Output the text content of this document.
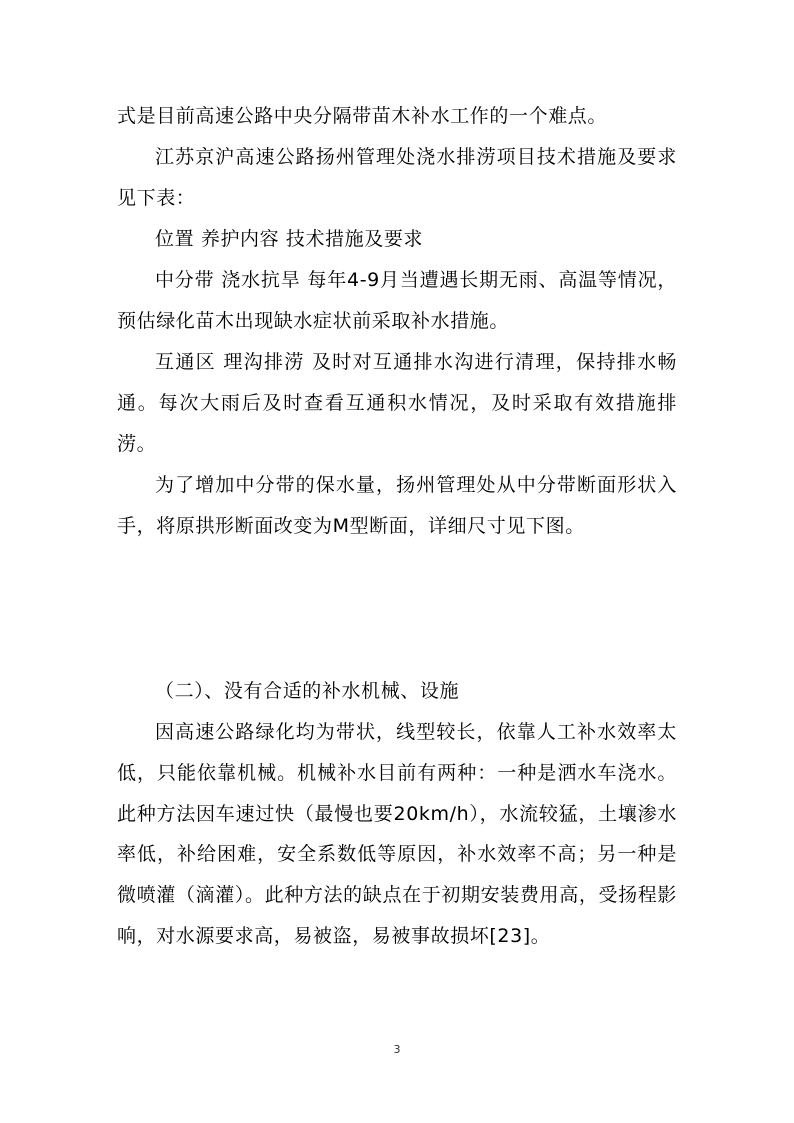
式是目前高速公路中央分隔带苗木补水工作的一个难点。

江苏京沪高速公路扬州管理处浇水排涝项目技术措施及要求见下表：

位置 养护内容 技术措施及要求

中分带 浇水抗旱 每年4-9月当遭遇长期无雨、高温等情况，预估绿化苗木出现缺水症状前采取补水措施。

互通区 理沟排涝 及时对互通排水沟进行清理，保持排水畅通。每次大雨后及时查看互通积水情况，及时采取有效措施排涝。

为了增加中分带的保水量，扬州管理处从中分带断面形状入手，将原拱形断面改变为M型断面，详细尺寸见下图。

（二）、没有合适的补水机械、设施

因高速公路绿化均为带状，线型较长，依靠人工补水效率太低，只能依靠机械。机械补水目前有两种：一种是洒水车浇水。此种方法因车速过快（最慢也要20km/h），水流较猛，土壤渗水率低，补给困难，安全系数低等原因，补水效率不高；另一种是微喷灌（滴灌）。此种方法的缺点在于初期安装费用高，受扬程影响，对水源要求高，易被盗，易被事故损坏[23]。

3
